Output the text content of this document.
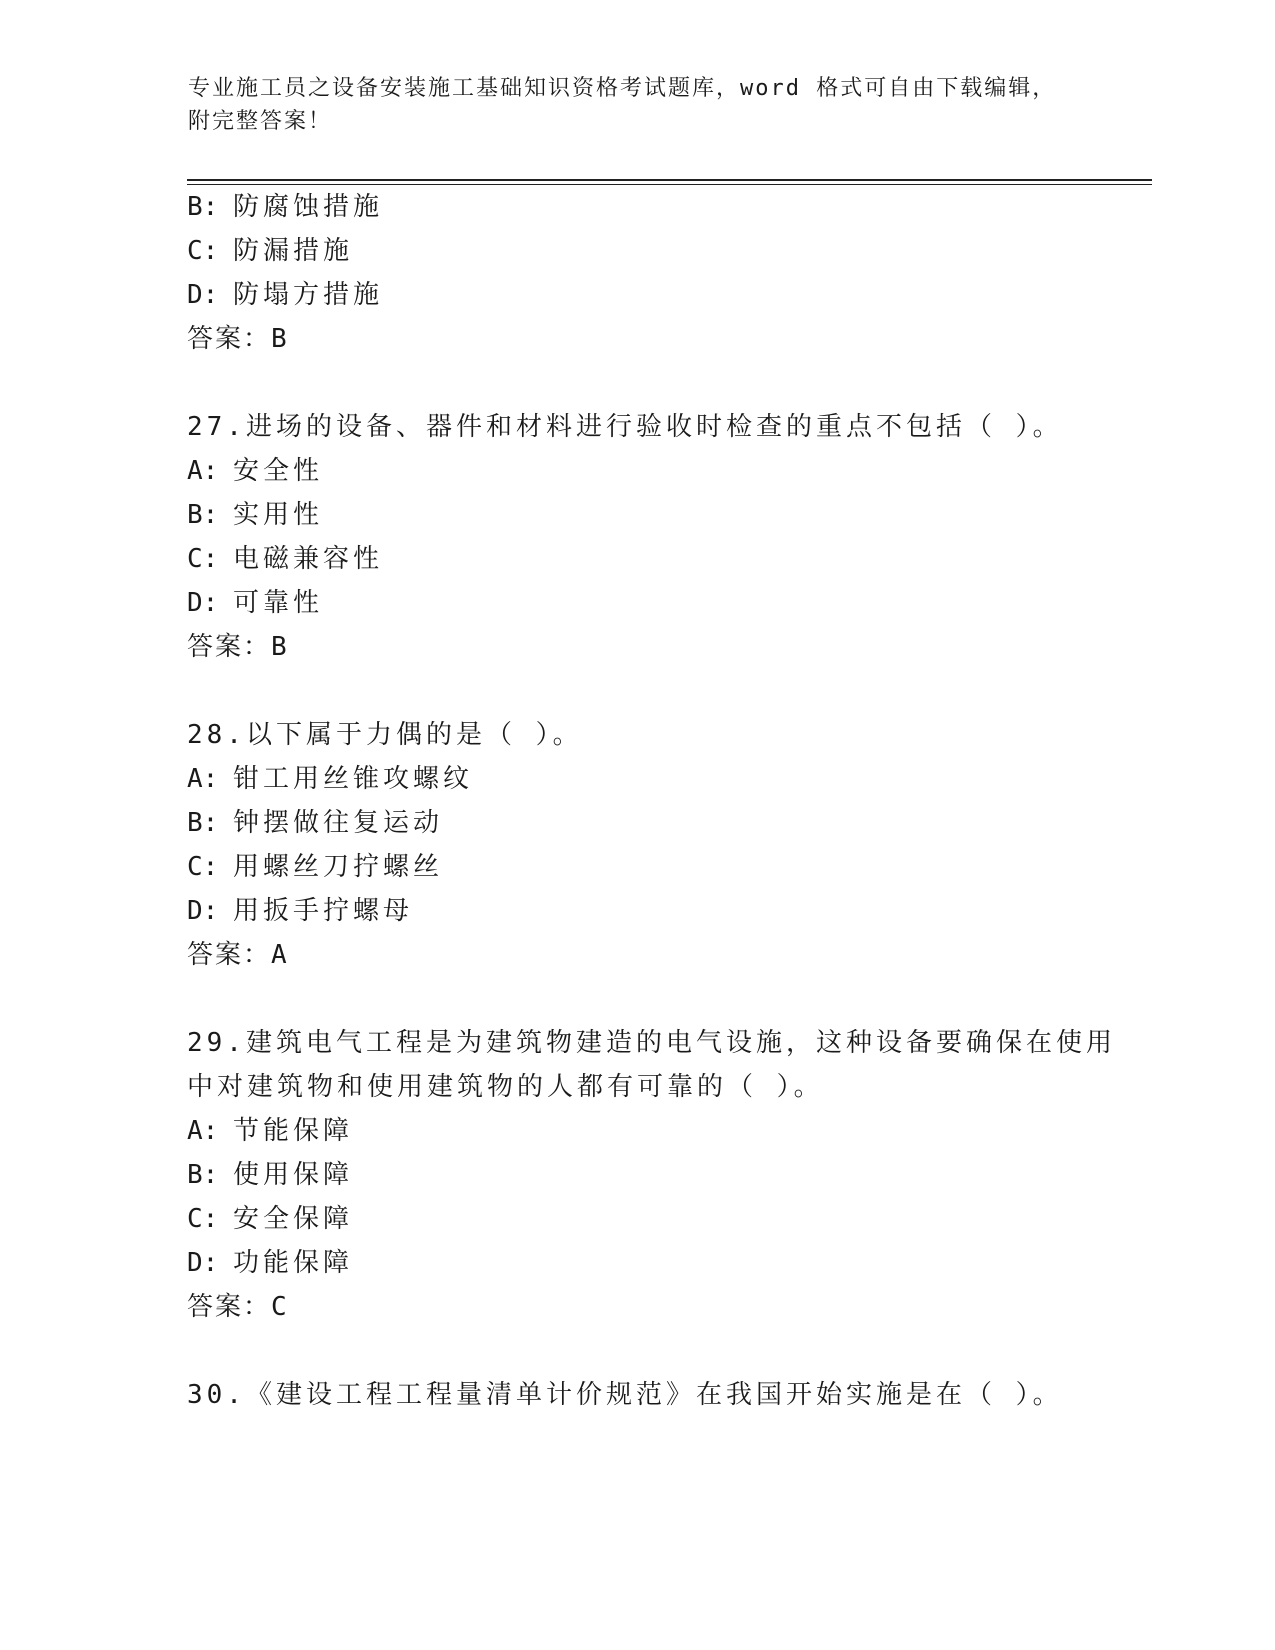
专业施工员之设备安装施工基础知识资格考试题库，word 格式可自由下载编辑，
附完整答案！
B: 防腐蚀措施
C: 防漏措施
D: 防塌方措施
答案：B
27.进场的设备、器件和材料进行验收时检查的重点不包括（ ）。
A: 安全性
B: 实用性
C: 电磁兼容性
D: 可靠性
答案：B
28.以下属于力偶的是（ ）。
A: 钳工用丝锥攻螺纹
B: 钟摆做往复运动
C: 用螺丝刀拧螺丝
D: 用扳手拧螺母
答案：A
29.建筑电气工程是为建筑物建造的电气设施，这种设备要确保在使用
中对建筑物和使用建筑物的人都有可靠的（ ）。
A: 节能保障
B: 使用保障
C: 安全保障
D: 功能保障
答案：C
30.《建设工程工程量清单计价规范》在我国开始实施是在（ ）。
